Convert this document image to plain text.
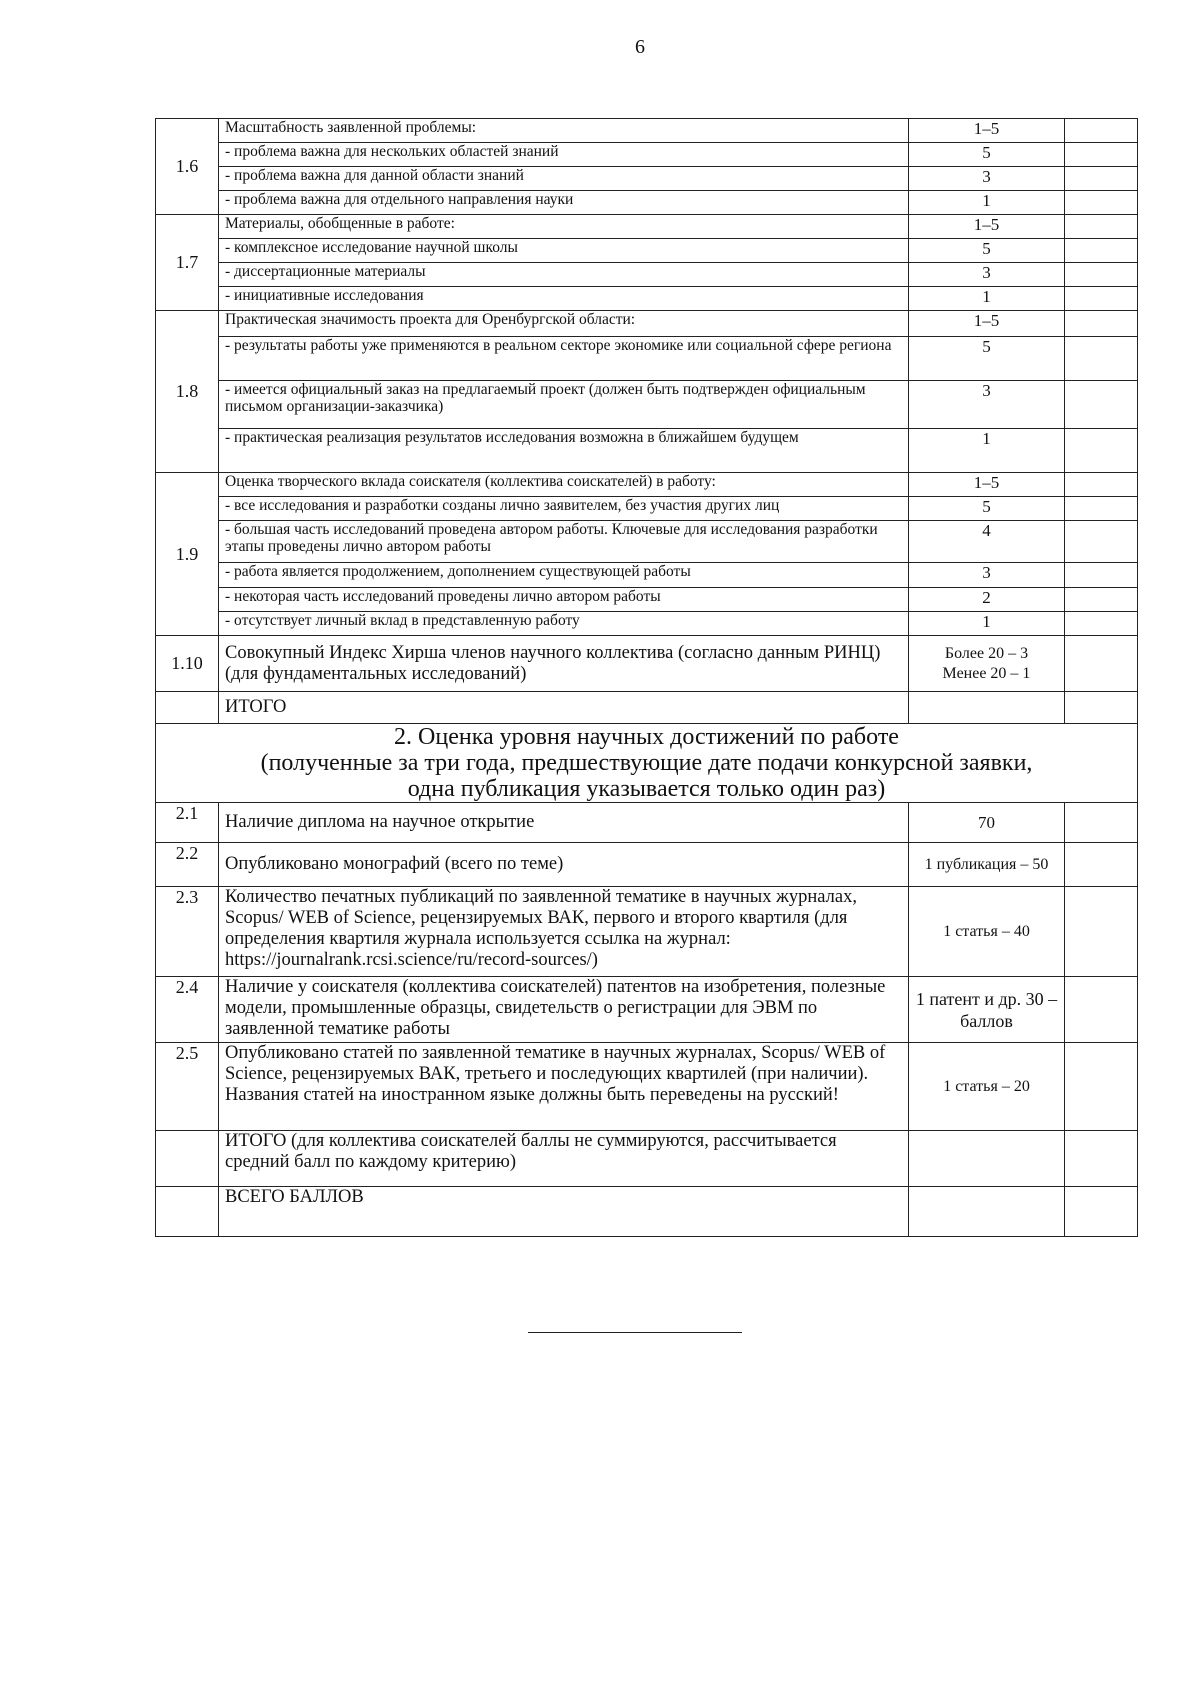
6
1.6	Масштабность заявленной проблемы:	1–5	
	- проблема важна для нескольких областей знаний	5	
	- проблема важна для данной области знаний	3	
	- проблема важна для отдельного направления науки	1	
1.7	Материалы, обобщенные в работе:	1–5	
	- комплексное исследование научной школы	5	
	- диссертационные материалы	3	
	- инициативные исследования	1	
1.8	Практическая значимость проекта для Оренбургской области:	1–5	
	- результаты работы уже применяются в реальном секторе экономике или социальной сфере региона	5	
	- имеется официальный заказ на предлагаемый проект (должен быть подтвержден официальным письмом организации-заказчика)	3	
	- практическая реализация результатов исследования возможна в ближайшем будущем	1	
1.9	Оценка творческого вклада соискателя (коллектива соискателей) в работу:	1–5	
	- все исследования и разработки созданы лично заявителем, без участия других лиц	5	
	- большая часть исследований проведена автором работы. Ключевые для исследования разработки этапы проведены лично автором работы	4	
	- работа является продолжением, дополнением существующей работы	3	
	- некоторая часть исследований проведены лично автором работы	2	
	- отсутствует личный вклад в представленную работу	1	
1.10	Совокупный Индекс Хирша членов научного коллектива (согласно данным РИНЦ) (для фундаментальных исследований)	Более 20 – 3
Менее 20 – 1	

	ИТОГО		

2. Оценка уровня научных достижений по работе
(полученные за три года, предшествующие дате подачи конкурсной заявки,
одна публикация указывается только один раз)			

2.1	Наличие диплома на научное открытие	70	
2.2	Опубликовано монографий (всего по теме)	1 публикация – 50	
2.3	Количество печатных публикаций по заявленной тематике в научных журналах, Scopus/ WEB of Science, рецензируемых ВАК, первого и второго квартиля (для определения квартиля журнала используется ссылка на журнал: https://journalrank.rcsi.science/ru/record-sources/)	1 статья – 40	
2.4	Наличие у соискателя (коллектива соискателей) патентов на изобретения, полезные модели, промышленные образцы, свидетельств о регистрации для ЭВМ по заявленной тематике работы	1 патент и др. 30 – баллов	
2.5	Опубликовано статей по заявленной тематике в научных журналах, Scopus/ WEB of Science, рецензируемых ВАК, третьего и последующих квартилей (при наличии). Названия статей на иностранном языке должны быть переведены на русский!	1 статья – 20	
	ИТОГО (для коллектива соискателей баллы не суммируются, рассчитывается средний балл по каждому критерию)		
	ВСЕГО БАЛЛОВ		
